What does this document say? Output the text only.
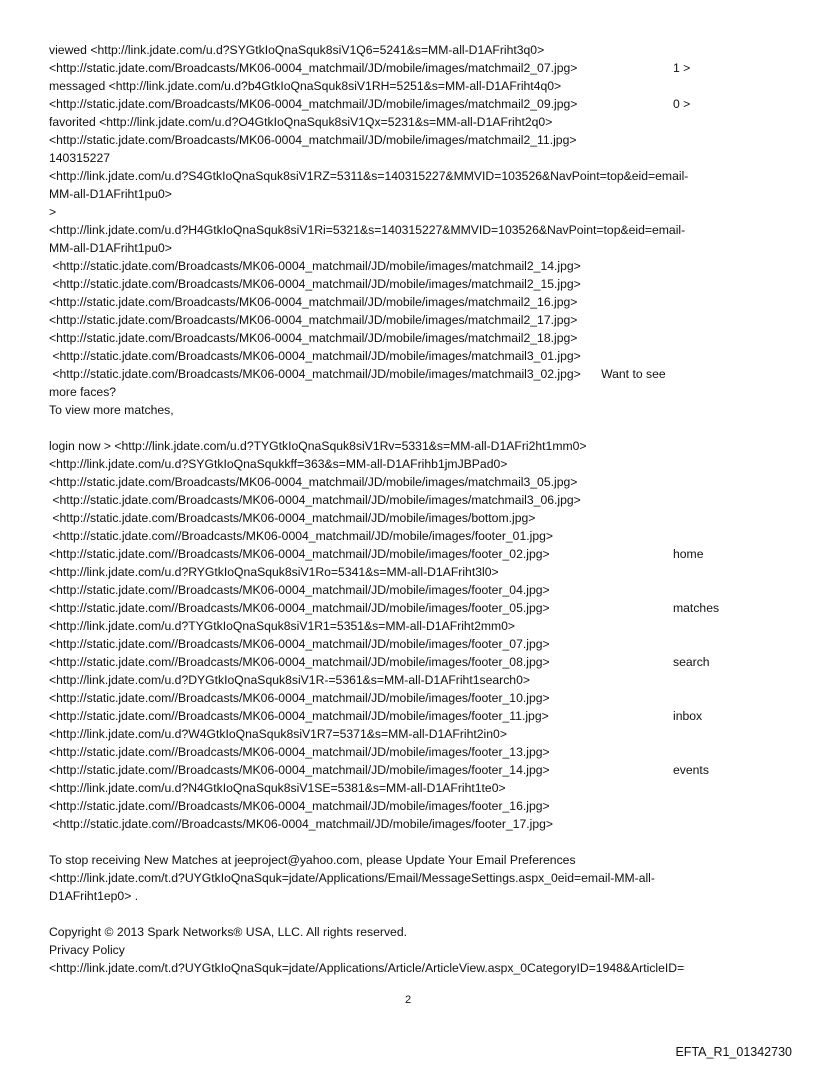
viewed <http://link.jdate.com/u.d?SYGtkIoQnaSquk8siV1Q6=5241&s=MM-all-D1AFriht3q0>
<http://static.jdate.com/Broadcasts/MK06-0004_matchmail/JD/mobile/images/matchmail2_07.jpg>
messaged <http://link.jdate.com/u.d?b4GtkIoQnaSquk8siV1RH=5251&s=MM-all-D1AFriht4q0>
<http://static.jdate.com/Broadcasts/MK06-0004_matchmail/JD/mobile/images/matchmail2_09.jpg>
favorited <http://link.jdate.com/u.d?O4GtkIoQnaSquk8siV1Qx=5231&s=MM-all-D1AFriht2q0>
<http://static.jdate.com/Broadcasts/MK06-0004_matchmail/JD/mobile/images/matchmail2_11.jpg>
140315227
<http://link.jdate.com/u.d?S4GtkIoQnaSquk8siV1RZ=5311&s=140315227&MMVID=103526&NavPoint=top&eid=email-
MM-all-D1AFriht1pu0>
>
<http://link.jdate.com/u.d?H4GtkIoQnaSquk8siV1Ri=5321&s=140315227&MMVID=103526&NavPoint=top&eid=email-
MM-all-D1AFriht1pu0>
<http://static.jdate.com/Broadcasts/MK06-0004_matchmail/JD/mobile/images/matchmail2_14.jpg>
<http://static.jdate.com/Broadcasts/MK06-0004_matchmail/JD/mobile/images/matchmail2_15.jpg>
<http://static.jdate.com/Broadcasts/MK06-0004_matchmail/JD/mobile/images/matchmail2_16.jpg>
<http://static.jdate.com/Broadcasts/MK06-0004_matchmail/JD/mobile/images/matchmail2_17.jpg>
<http://static.jdate.com/Broadcasts/MK06-0004_matchmail/JD/mobile/images/matchmail2_18.jpg>
<http://static.jdate.com/Broadcasts/MK06-0004_matchmail/JD/mobile/images/matchmail3_01.jpg>
<http://static.jdate.com/Broadcasts/MK06-0004_matchmail/JD/mobile/images/matchmail3_02.jpg>      Want to see
more faces?
To view more matches,
login now > <http://link.jdate.com/u.d?TYGtkIoQnaSquk8siV1Rv=5331&s=MM-all-D1AFri2ht1mm0>
<http://link.jdate.com/u.d?SYGtkIoQnaSqukkff=363&s=MM-all-D1AFrihb1jmJBPad0>
<http://static.jdate.com/Broadcasts/MK06-0004_matchmail/JD/mobile/images/matchmail3_05.jpg>
<http://static.jdate.com/Broadcasts/MK06-0004_matchmail/JD/mobile/images/matchmail3_06.jpg>
<http://static.jdate.com/Broadcasts/MK06-0004_matchmail/JD/mobile/images/bottom.jpg>
<http://static.jdate.com//Broadcasts/MK06-0004_matchmail/JD/mobile/images/footer_01.jpg>
<http://static.jdate.com//Broadcasts/MK06-0004_matchmail/JD/mobile/images/footer_02.jpg>
<http://link.jdate.com/u.d?RYGtkIoQnaSquk8siV1Ro=5341&s=MM-all-D1AFriht3l0>
<http://static.jdate.com//Broadcasts/MK06-0004_matchmail/JD/mobile/images/footer_04.jpg>
<http://static.jdate.com//Broadcasts/MK06-0004_matchmail/JD/mobile/images/footer_05.jpg>
<http://link.jdate.com/u.d?TYGtkIoQnaSquk8siV1R1=5351&s=MM-all-D1AFriht2mm0>
<http://static.jdate.com//Broadcasts/MK06-0004_matchmail/JD/mobile/images/footer_07.jpg>
<http://static.jdate.com//Broadcasts/MK06-0004_matchmail/JD/mobile/images/footer_08.jpg>
<http://link.jdate.com/u.d?DYGtkIoQnaSquk8siV1R-=5361&s=MM-all-D1AFriht1search0>
<http://static.jdate.com//Broadcasts/MK06-0004_matchmail/JD/mobile/images/footer_10.jpg>
<http://static.jdate.com//Broadcasts/MK06-0004_matchmail/JD/mobile/images/footer_11.jpg>
<http://link.jdate.com/u.d?W4GtkIoQnaSquk8siV1R7=5371&s=MM-all-D1AFriht2in0>
<http://static.jdate.com//Broadcasts/MK06-0004_matchmail/JD/mobile/images/footer_13.jpg>
<http://static.jdate.com//Broadcasts/MK06-0004_matchmail/JD/mobile/images/footer_14.jpg>
<http://link.jdate.com/u.d?N4GtkIoQnaSquk8siV1SE=5381&s=MM-all-D1AFriht1te0>
<http://static.jdate.com//Broadcasts/MK06-0004_matchmail/JD/mobile/images/footer_16.jpg>
<http://static.jdate.com//Broadcasts/MK06-0004_matchmail/JD/mobile/images/footer_17.jpg>
To stop receiving New Matches at jeeproject@yahoo.com, please Update Your Email Preferences
<http://link.jdate.com/t.d?UYGtkIoQnaSquk=jdate/Applications/Email/MessageSettings.aspx_0eid=email-MM-all-
D1AFriht1ep0> .
Copyright © 2013 Spark Networks® USA, LLC. All rights reserved.
Privacy Policy
<http://link.jdate.com/t.d?UYGtkIoQnaSquk=jdate/Applications/Article/ArticleView.aspx_0CategoryID=1948&ArticleID=
1 >
0 >
home
matches
search
inbox
events
2
EFTA_R1_01342730
